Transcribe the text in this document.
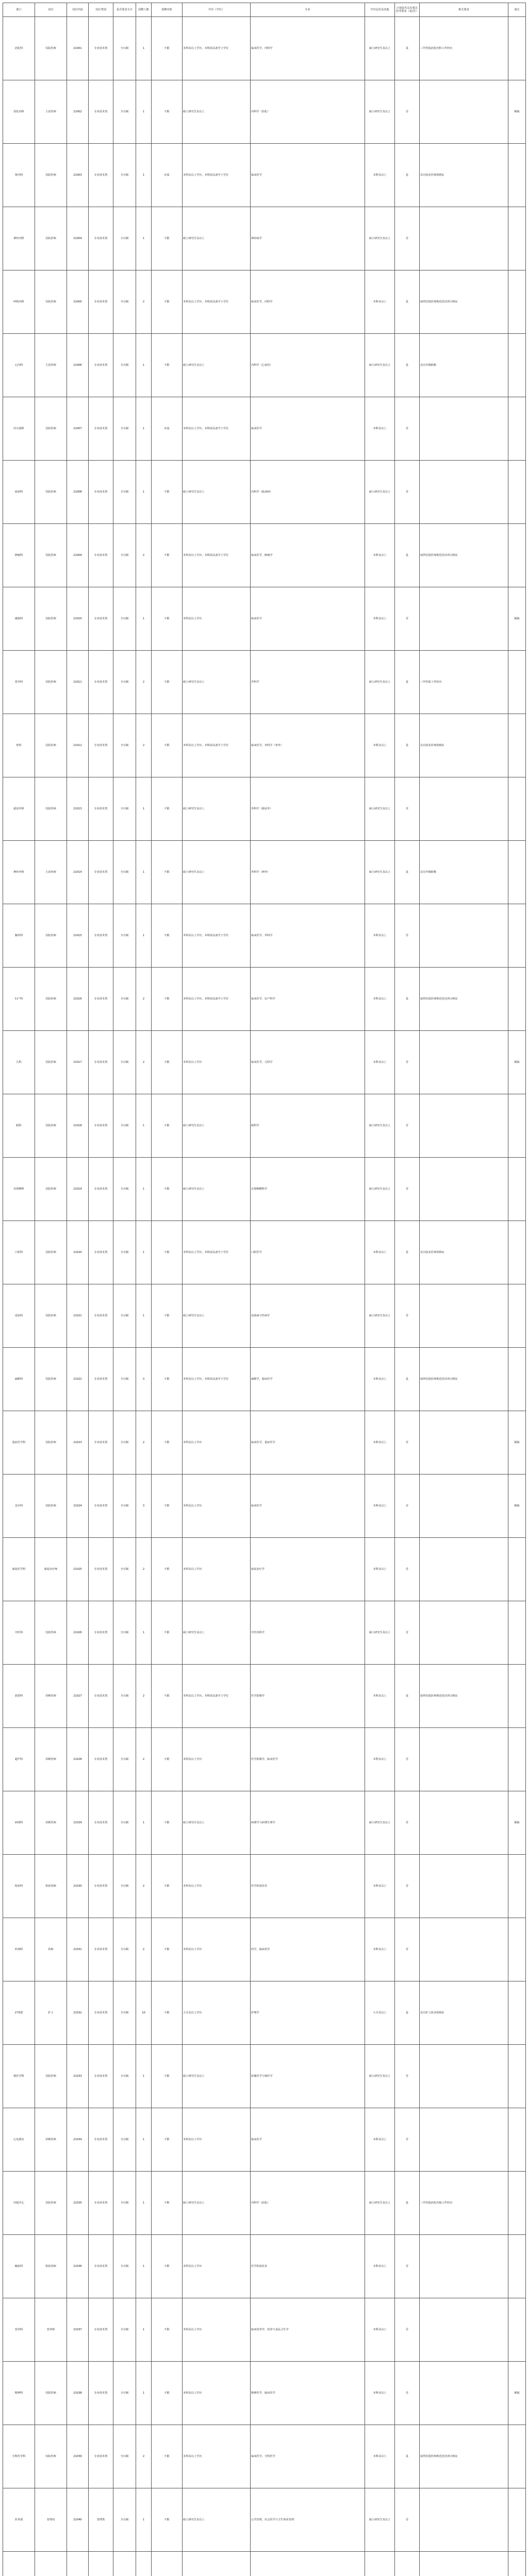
部门	岗位	岗位代码	岗位类别	是否要求全日	招聘人数	招聘对象	学历（学位）	专业	学历层次及其他	计划是否具有相关招考要求（是/否）	相关要求	备注
消化科	住院医师	21001	专业技术类	全日制	1	不限	本科及以上学历，本科需具备学士学位	临床医学，内科学	硕士研究生及以上	是	三甲医院消化内科工作经历	
消化内科	主治医师	21002	专业技术类	全日制	1	不限	硕士研究生及以上	内科学（消化）	硕士研究生及以上	否		紧缺
肾内科	住院医师	21003	专业技术类	全日制	1	应届	本科及以上学历，本科需具备学士学位	临床医学	本科及以上	是	具有执业医师资格证	
神经内科	住院医师	21004	专业技术类	全日制	1	不限	硕士研究生及以上	神经病学	硕士研究生及以上	否		
呼吸内科	住院医师	21005	专业技术类	全日制	2	不限	本科及以上学历，本科需具备学士学位	临床医学，内科学	本科及以上	是	取得住院医师规范化培训合格证	
心内科	主治医师	21006	专业技术类	全日制	1	不限	硕士研究生及以上	内科学（心血管）	硕士研究生及以上	是	具有中级职称	
内分泌科	住院医师	21007	专业技术类	全日制	1	应届	本科及以上学历，本科需具备学士学位	临床医学	本科及以上	否		
血液科	住院医师	21008	专业技术类	全日制	1	不限	硕士研究生及以上	内科学（血液病）	硕士研究生及以上	否		
肿瘤科	住院医师	21009	专业技术类	全日制	2	不限	本科及以上学历，本科需具备学士学位	临床医学，肿瘤学	本科及以上	是	取得住院医师规范化培训合格证	
感染科	住院医师	21010	专业技术类	全日制	1	不限	本科及以上学历	临床医学	本科及以上	否		紧缺
普外科	住院医师	21011	专业技术类	全日制	2	不限	硕士研究生及以上	外科学	硕士研究生及以上	是	三甲医院工作经历	
骨科	住院医师	21012	专业技术类	全日制	2	不限	本科及以上学历，本科需具备学士学位	临床医学，外科学（骨外）	本科及以上	是	具有执业医师资格证	
泌尿外科	住院医师	21013	专业技术类	全日制	1	不限	硕士研究生及以上	外科学（泌尿外）	硕士研究生及以上	否		
神经外科	主治医师	21014	专业技术类	全日制	1	不限	硕士研究生及以上	外科学（神外）	硕士研究生及以上	是	具有中级职称	
胸外科	住院医师	21015	专业技术类	全日制	1	不限	本科及以上学历，本科需具备学士学位	临床医学，外科学	本科及以上	否		
妇产科	住院医师	21016	专业技术类	全日制	2	不限	本科及以上学历，本科需具备学士学位	临床医学，妇产科学	本科及以上	是	取得住院医师规范化培训合格证	
儿科	住院医师	21017	专业技术类	全日制	2	不限	本科及以上学历	临床医学，儿科学	本科及以上	否		紧缺
眼科	住院医师	21018	专业技术类	全日制	1	不限	硕士研究生及以上	眼科学	硕士研究生及以上	否		
耳鼻喉科	住院医师	21019	专业技术类	全日制	1	不限	硕士研究生及以上	耳鼻咽喉科学	硕士研究生及以上	否		
口腔科	住院医师	21020	专业技术类	全日制	1	不限	本科及以上学历，本科需具备学士学位	口腔医学	本科及以上	是	具有执业医师资格证	
皮肤科	住院医师	21021	专业技术类	全日制	1	不限	硕士研究生及以上	皮肤病与性病学	硕士研究生及以上	否		
麻醉科	住院医师	21022	专业技术类	全日制	3	不限	本科及以上学历，本科需具备学士学位	麻醉学，临床医学	本科及以上	是	取得住院医师规范化培训合格证	
重症医学科	住院医师	21023	专业技术类	全日制	2	不限	本科及以上学历	临床医学，重症医学	本科及以上	否		紧缺
急诊科	住院医师	21024	专业技术类	全日制	3	不限	本科及以上学历	临床医学	本科及以上	否		紧缺
康复医学科	康复治疗师	21025	专业技术类	全日制	2	不限	本科及以上学历	康复治疗学	本科及以上	否		
中医科	住院医师	21026	专业技术类	全日制	1	不限	硕士研究生及以上	中医内科学	硕士研究生及以上	否		
放射科	诊断医师	21027	专业技术类	全日制	2	不限	本科及以上学历，本科需具备学士学位	医学影像学	本科及以上	是	取得住院医师规范化培训合格证	
超声科	诊断医师	21028	专业技术类	全日制	2	不限	本科及以上学历	医学影像学，临床医学	本科及以上	否		
病理科	诊断医师	21029	专业技术类	全日制	1	不限	硕士研究生及以上	病理学与病理生理学	硕士研究生及以上	否		紧缺
检验科	检验技师	21030	专业技术类	全日制	2	不限	本科及以上学历	医学检验技术	本科及以上	否		
药剂科	药师	21031	专业技术类	全日制	2	不限	本科及以上学历	药学，临床药学	本科及以上	否		
护理部	护士	21032	专业技术类	全日制	10	不限	大专及以上学历	护理学	大专及以上	是	具有护士执业资格证	
核医学科	住院医师	21033	专业技术类	全日制	1	不限	硕士研究生及以上	影像医学与核医学	硕士研究生及以上	否		
心电图室	诊断医师	21034	专业技术类	全日制	1	不限	本科及以上学历	临床医学	本科及以上	否		
内镜中心	住院医师	21035	专业技术类	全日制	1	不限	硕士研究生及以上	内科学（消化）	硕士研究生及以上	是	三甲医院消化内镜工作经历	
输血科	检验技师	21036	专业技术类	全日制	1	不限	本科及以上学历	医学检验技术	本科及以上	否		
营养科	营养师	21037	专业技术类	全日制	1	不限	本科及以上学历	临床营养学，营养与食品卫生学	本科及以上	否		
精神科	住院医师	21038	专业技术类	全日制	1	不限	本科及以上学历	精神医学，临床医学	本科及以上	否		紧缺
全科医学科	住院医师	21039	专业技术类	全日制	2	不限	本科及以上学历	临床医学，全科医学	本科及以上	是	取得住院医师规范化培训合格证	
医务部	管理岗	21040	管理类	全日制	1	不限	硕士研究生及以上	公共管理，社会医学与卫生事业管理	硕士研究生及以上	否		
